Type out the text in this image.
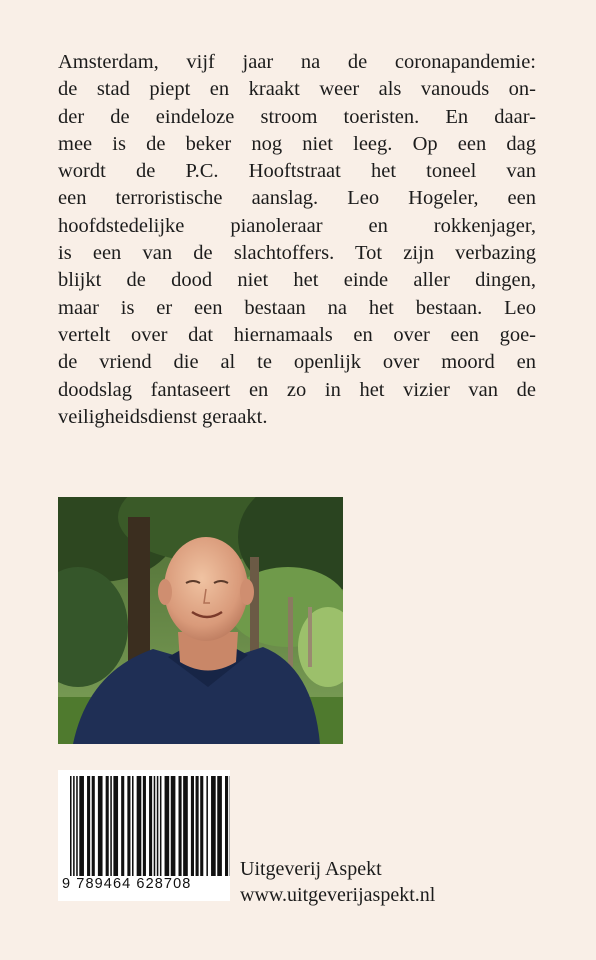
Amsterdam, vijf jaar na de coronapandemie:
de stad piept en kraakt weer als vanouds on-
der de eindeloze stroom toeristen. En daar-
mee is de beker nog niet leeg. Op een dag
wordt de P.C. Hooftstraat het toneel van
een terroristische aanslag. Leo Hogeler, een
hoofdstedelijke pianoleraar en rokkenjager,
is een van de slachtoffers. Tot zijn verbazing
blijkt de dood niet het einde aller dingen,
maar is er een bestaan na het bestaan. Leo
vertelt over dat hiernamaals en over een goe-
de vriend die al te openlijk over moord en
doodslag fantaseert en zo in het vizier van de
veiligheidsdienst geraakt.
9 789464 628708
Uitgeverij Aspekt
www.uitgeverijaspekt.nl
